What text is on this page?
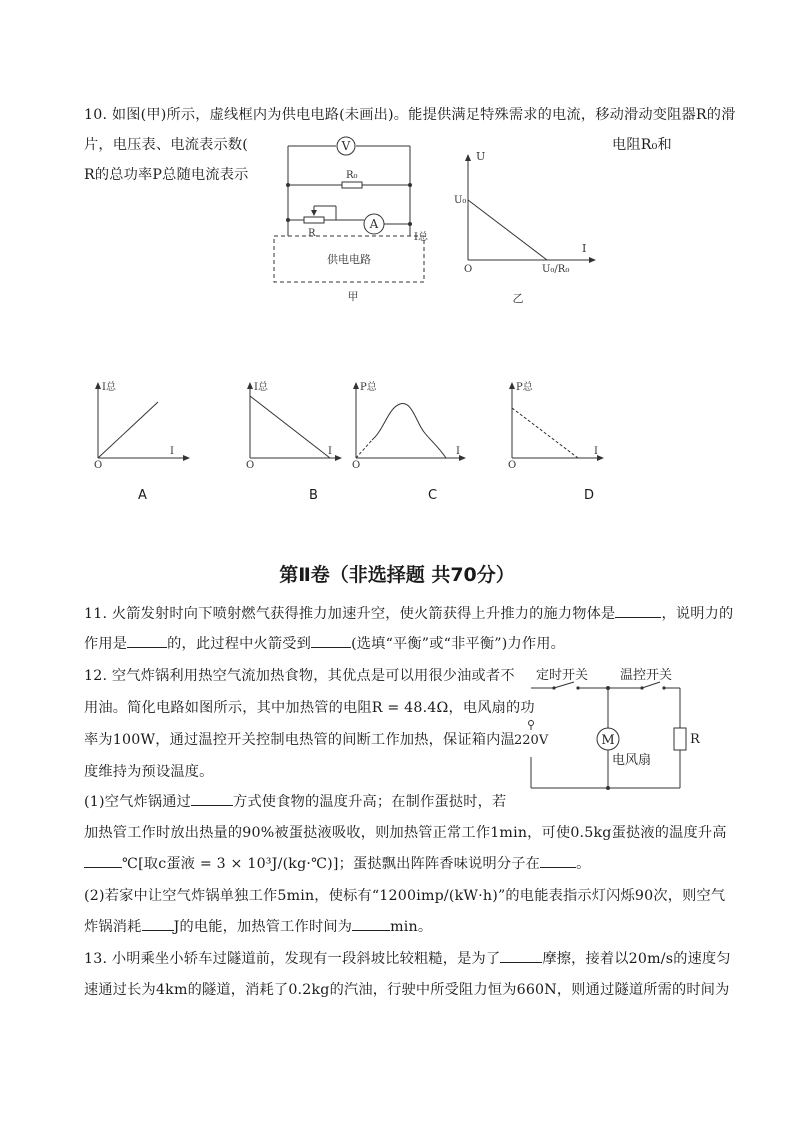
10. 如图(甲)所示，虚线框内为供电电路(未画出)。能提供满足特殊需求的电流，移动滑动变阻器R的滑
片，电压表、电流表示数(	电阻R₀和
R的总功率P总随电流表示
V
A
R₀
R	I总
供电电路
甲
U
I
U₀
U₀/R₀
O
乙
I总
I
O
I总
I
O
P总
I
O
P总
I
O
A	B	C	D
第Ⅱ卷（非选择题 共70分）
11. 火箭发射时向下喷射燃气获得推力加速升空，使火箭获得上升推力的施力物体是	，说明力的
作用是	的，此过程中火箭受到	(选填“平衡”或“非平衡”)力作用。
12. 空气炸锅利用热空气流加热食物，其优点是可以用很少油或者不
用油。简化电路如图所示，其中加热管的电阻R = 48.4Ω，电风扇的功
率为100W，通过温控开关控制电热管的间断工作加热，保证箱内温
度维持为预设温度。
(1)空气炸锅通过	方式使食物的温度升高；在制作蛋挞时，若
加热管工作时放出热量的90%被蛋挞液吸收，则加热管正常工作1min，可使0.5kg蛋挞液的温度升高
℃[取c蛋液 = 3 × 10³J/(kg·℃)]；蛋挞飘出阵阵香味说明分子在	。
(2)若家中让空气炸锅单独工作5min，使标有“1200imp/(kW·h)”的电能表指示灯闪烁90次，则空气
炸锅消耗 J的电能，加热管工作时间为	min。
定时开关 温控开关
220V	M
电风扇
R
13. 小明乘坐小轿车过隧道前，发现有一段斜坡比较粗糙，是为了	摩擦，接着以20m/s的速度匀
速通过长为4km的隧道，消耗了0.2kg的汽油，行驶中所受阻力恒为660N，则通过隧道所需的时间为
